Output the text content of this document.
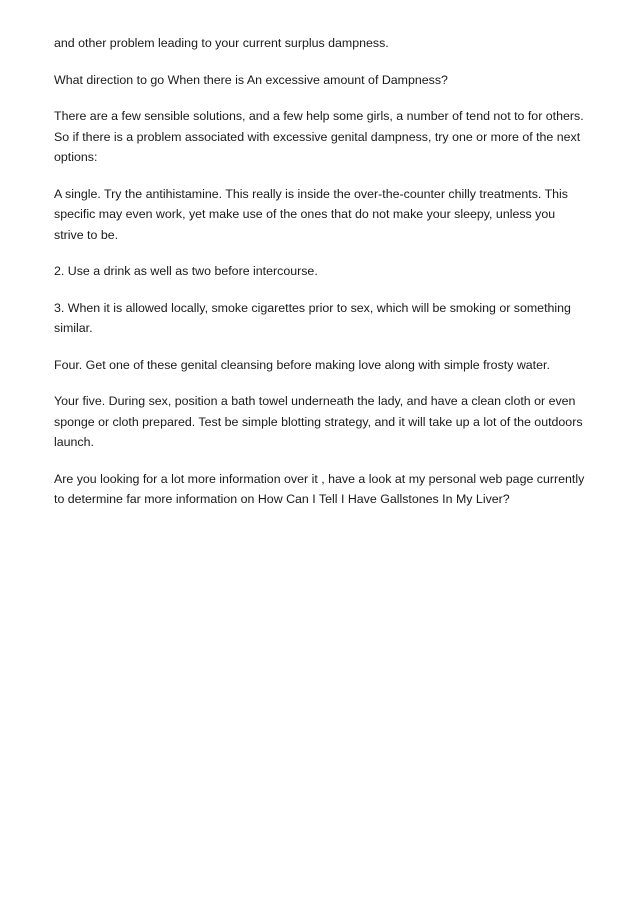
and other problem leading to your current surplus dampness.

What direction to go When there is An excessive amount of Dampness?

There are a few sensible solutions, and a few help some girls, a number of tend not to for others. So if there is a problem associated with excessive genital dampness, try one or more of the next options:

A single. Try the antihistamine. This really is inside the over-the-counter chilly treatments. This specific may even work, yet make use of the ones that do not make your sleepy, unless you strive to be.

2. Use a drink as well as two before intercourse.

3. When it is allowed locally, smoke cigarettes prior to sex, which will be smoking or something similar.

Four. Get one of these genital cleansing before making love along with simple frosty water.

Your five. During sex, position a bath towel underneath the lady, and have a clean cloth or even sponge or cloth prepared. Test be simple blotting strategy, and it will take up a lot of the outdoors launch.

Are you looking for a lot more information over it , have a look at my personal web page currently to determine far more information on How Can I Tell I Have Gallstones In My Liver?
